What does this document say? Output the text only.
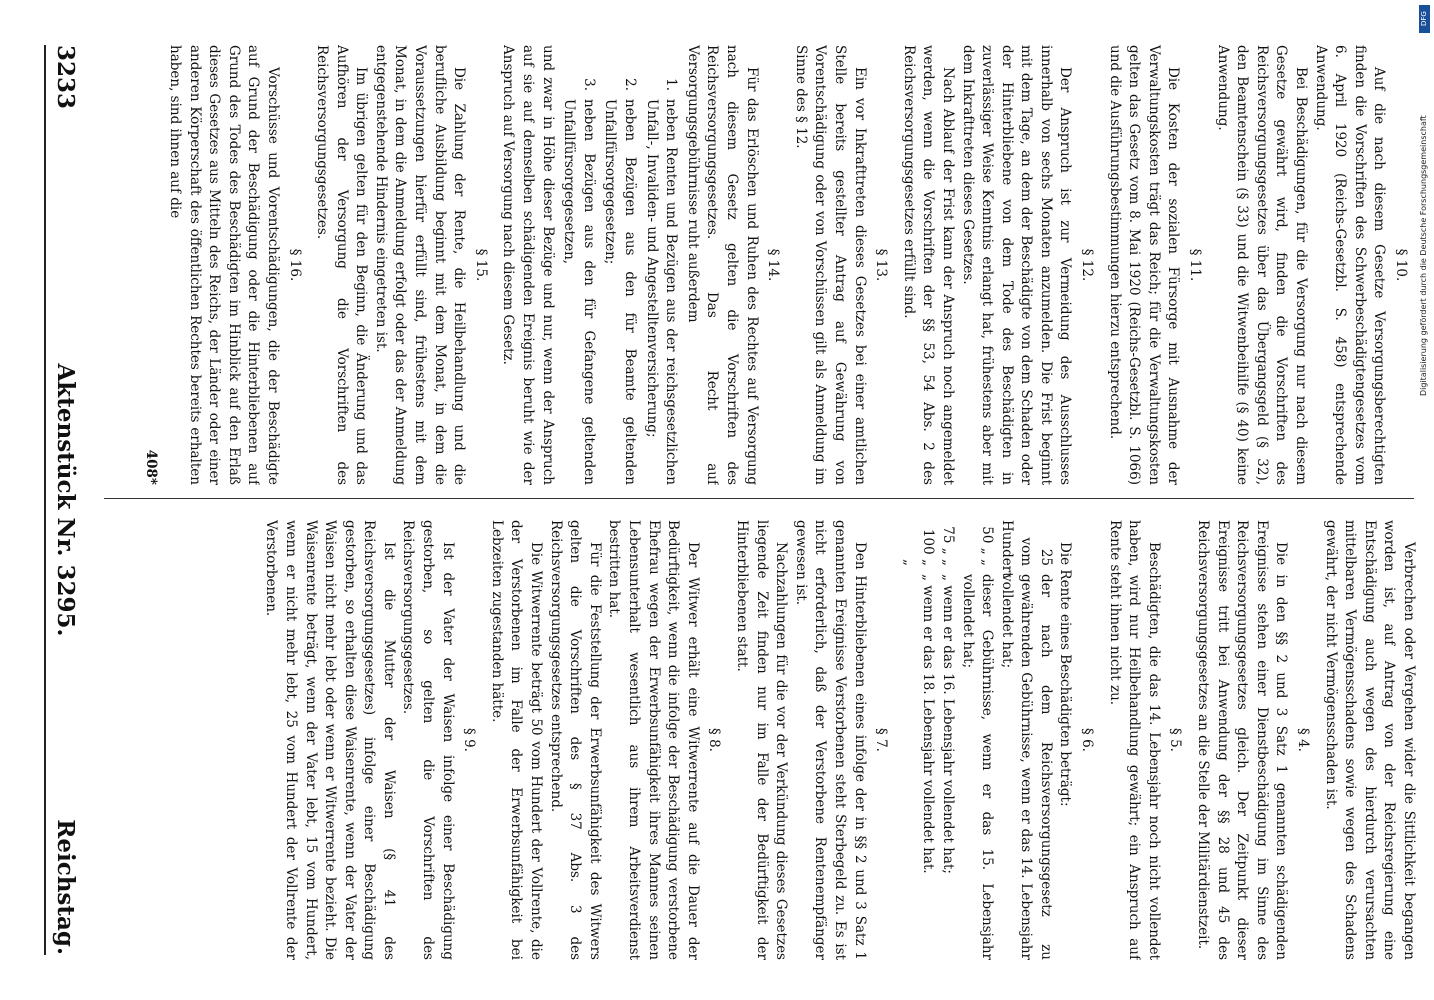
3233
Aktenstück Nr. 3295.
Reichstag.	Verbrechen oder Vergehen wider die Sittlichkeit begangen worden ist, auf Antrag von der Reichsregierung eine Entschädigung auch wegen des hierdurch verursachten mittelbaren Vermögensschadens sowie wegen des Schadens gewährt, der nicht Vermögensschaden ist.

§ 4.

Die in den §§ 2 und 3 Satz 1 genannten schädigenden Ereignisse stehen einer Dienstbeschädigung im Sinne des Reichsversorgungsgesetzes gleich. Der Zeitpunkt dieser Ereignisse tritt bei Anwendung der §§ 28 und 45 des Reichsversorgungsgesetzes an die Stelle der Militärdienstzeit.

§ 5.

Beschädigten, die das 14. Lebensjahr noch nicht vollendet haben, wird nur Heilbehandlung gewährt; ein Anspruch auf Rente steht ihnen nicht zu.

§ 6.

Die Rente eines Beschädigten beträgt:

25 vom Hundert
der nach dem Reichsversorgungsgesetz zu gewährenden Gebührnisse, wenn er das 14. Lebensjahr vollendet hat;
50 „ „
dieser Gebührnisse, wenn er das 15. Lebensjahr vollendet hat;
75 „ „
„ wenn er das 16. Lebensjahr vollendet hat;
100 „ „
„ wenn er das 18. Lebensjahr vollendet hat.
§ 7.

Den Hinterbliebenen eines infolge der in §§ 2 und 3 Satz 1 genannten Ereignisse Verstorbenen steht Sterbegeld zu. Es ist nicht erforderlich, daß der Verstorbene Rentenempfänger gewesen ist.

Nachzahlungen für die vor der Verkündung dieses Gesetzes liegende Zeit finden nur im Falle der Bedürftigkeit der Hinterbliebenen statt.

§ 8.

Der Witwer erhält eine Witwerrente auf die Dauer der Bedürftigkeit, wenn die infolge der Beschädigung verstorbene Ehefrau wegen der Erwerbsunfähigkeit ihres Mannes seinen Lebensunterhalt wesentlich aus ihrem Arbeitsverdienst bestritten hat.

Für die Feststellung der Erwerbsunfähigkeit des Witwers gelten die Vorschriften des § 37 Abs. 3 des Reichsversorgungsgesetzes entsprechend.

Die Witwerrente beträgt 50 vom Hundert der Vollrente, die der Verstorbenen im Falle der Erwerbsunfähigkeit bei Lebzeiten zugestanden hätte.

§ 9.

Ist der Vater der Waisen infolge einer Beschädigung gestorben, so gelten die Vorschriften des Reichsversorgungsgesetzes.

Ist die Mutter der Waisen (§ 41 des Reichsversorgungsgesetzes) infolge einer Beschädigung gestorben, so erhalten diese Waisenrente, wenn der Vater der Waisen nicht mehr lebt oder wenn er Witwerrente bezieht. Die Waisenrente beträgt, wenn der Vater lebt, 15 vom Hundert, wenn er nicht mehr lebt, 25 vom Hundert der Vollrente der Verstorbenen.

§ 10.

Auf die nach diesem Gesetze Versorgungsberechtigten finden die Vorschriften des Schwerbeschädigtengesetzes vom 6. April 1920 (Reichs-Gesetzbl. S. 458) entsprechende Anwendung.

Bei Beschädigungen, für die Versorgung nur nach diesem Gesetze gewährt wird, finden die Vorschriften des Reichsversorgungsgesetzes über das Übergangsgeld (§ 32), den Beamtenschein (§ 33) und die Witwenbeihilfe (§ 40) keine Anwendung.

§ 11.

Die Kosten der sozialen Fürsorge mit Ausnahme der Verwaltungskosten trägt das Reich; für die Verwaltungskosten gelten das Gesetz vom 8. Mai 1920 (Reichs-Gesetzbl. S. 1066) und die Ausführungsbestimmungen hierzu entsprechend.

§ 12.

Der Anspruch ist zur Vermeidung des Ausschlusses innerhalb von sechs Monaten anzumelden. Die Frist beginnt mit dem Tage, an dem der Beschädigte von dem Schaden oder der Hinterbliebene von dem Tode des Beschädigten in zuverlässiger Weise Kenntnis erlangt hat, frühestens aber mit dem Inkrafttreten dieses Gesetzes.

Nach Ablauf der Frist kann der Anspruch noch angemeldet werden, wenn die Vorschriften der §§ 53, 54 Abs. 2 des Reichsversorgungsgesetzes erfüllt sind.

§ 13.

Ein vor Inkrafttreten dieses Gesetzes bei einer amtlichen Stelle bereits gestellter Antrag auf Gewährung von Vorentschädigung oder von Vorschüssen gilt als Anmeldung im Sinne des § 12.

§ 14.

Für das Erlöschen und Ruhen des Rechtes auf Versorgung nach diesem Gesetz gelten die Vorschriften des Reichsversorgungsgesetzes. Das Recht auf Versorgungsgebührnisse ruht außerdem

1.
neben Renten und Bezügen aus der reichsgesetzlichen Unfall-, Invaliden- und Angestelltenversicherung;
2.
neben Bezügen aus den für Beamte geltenden Unfallfürsorgegesetzen;
3.
neben Bezügen aus den für Gefangene geltenden Unfallfürsorgegesetzen,

und zwar in Höhe dieser Bezüge und nur, wenn der Anspruch auf sie auf demselben schädigenden Ereignis beruht wie der Anspruch auf Versorgung nach diesem Gesetz.

§ 15.

Die Zahlung der Rente, die Heilbehandlung und die berufliche Ausbildung beginnt mit dem Monat, in dem die Voraussetzungen hierfür erfüllt sind, frühestens mit dem Monat, in dem die Anmeldung erfolgt oder das der Anmeldung entgegenstehende Hindernis eingetreten ist.

Im übrigen gelten für den Beginn, die Änderung und das Aufhören der Versorgung die Vorschriften des Reichsversorgungsgesetzes.

§ 16.

Vorschüsse und Vorentschädigungen, die der Beschädigte auf Grund der Beschädigung oder die Hinterbliebenen auf Grund des Todes des Beschädigten im Hinblick auf den Erlaß dieses Gesetzes aus Mitteln des Reichs, der Länder oder einer anderen Körperschaft des öffentlichen Rechtes bereits erhalten haben, sind ihnen auf die

408*
DFG
Digitalisierung gefördert durch die Deutsche Forschungsgemeinschaft
